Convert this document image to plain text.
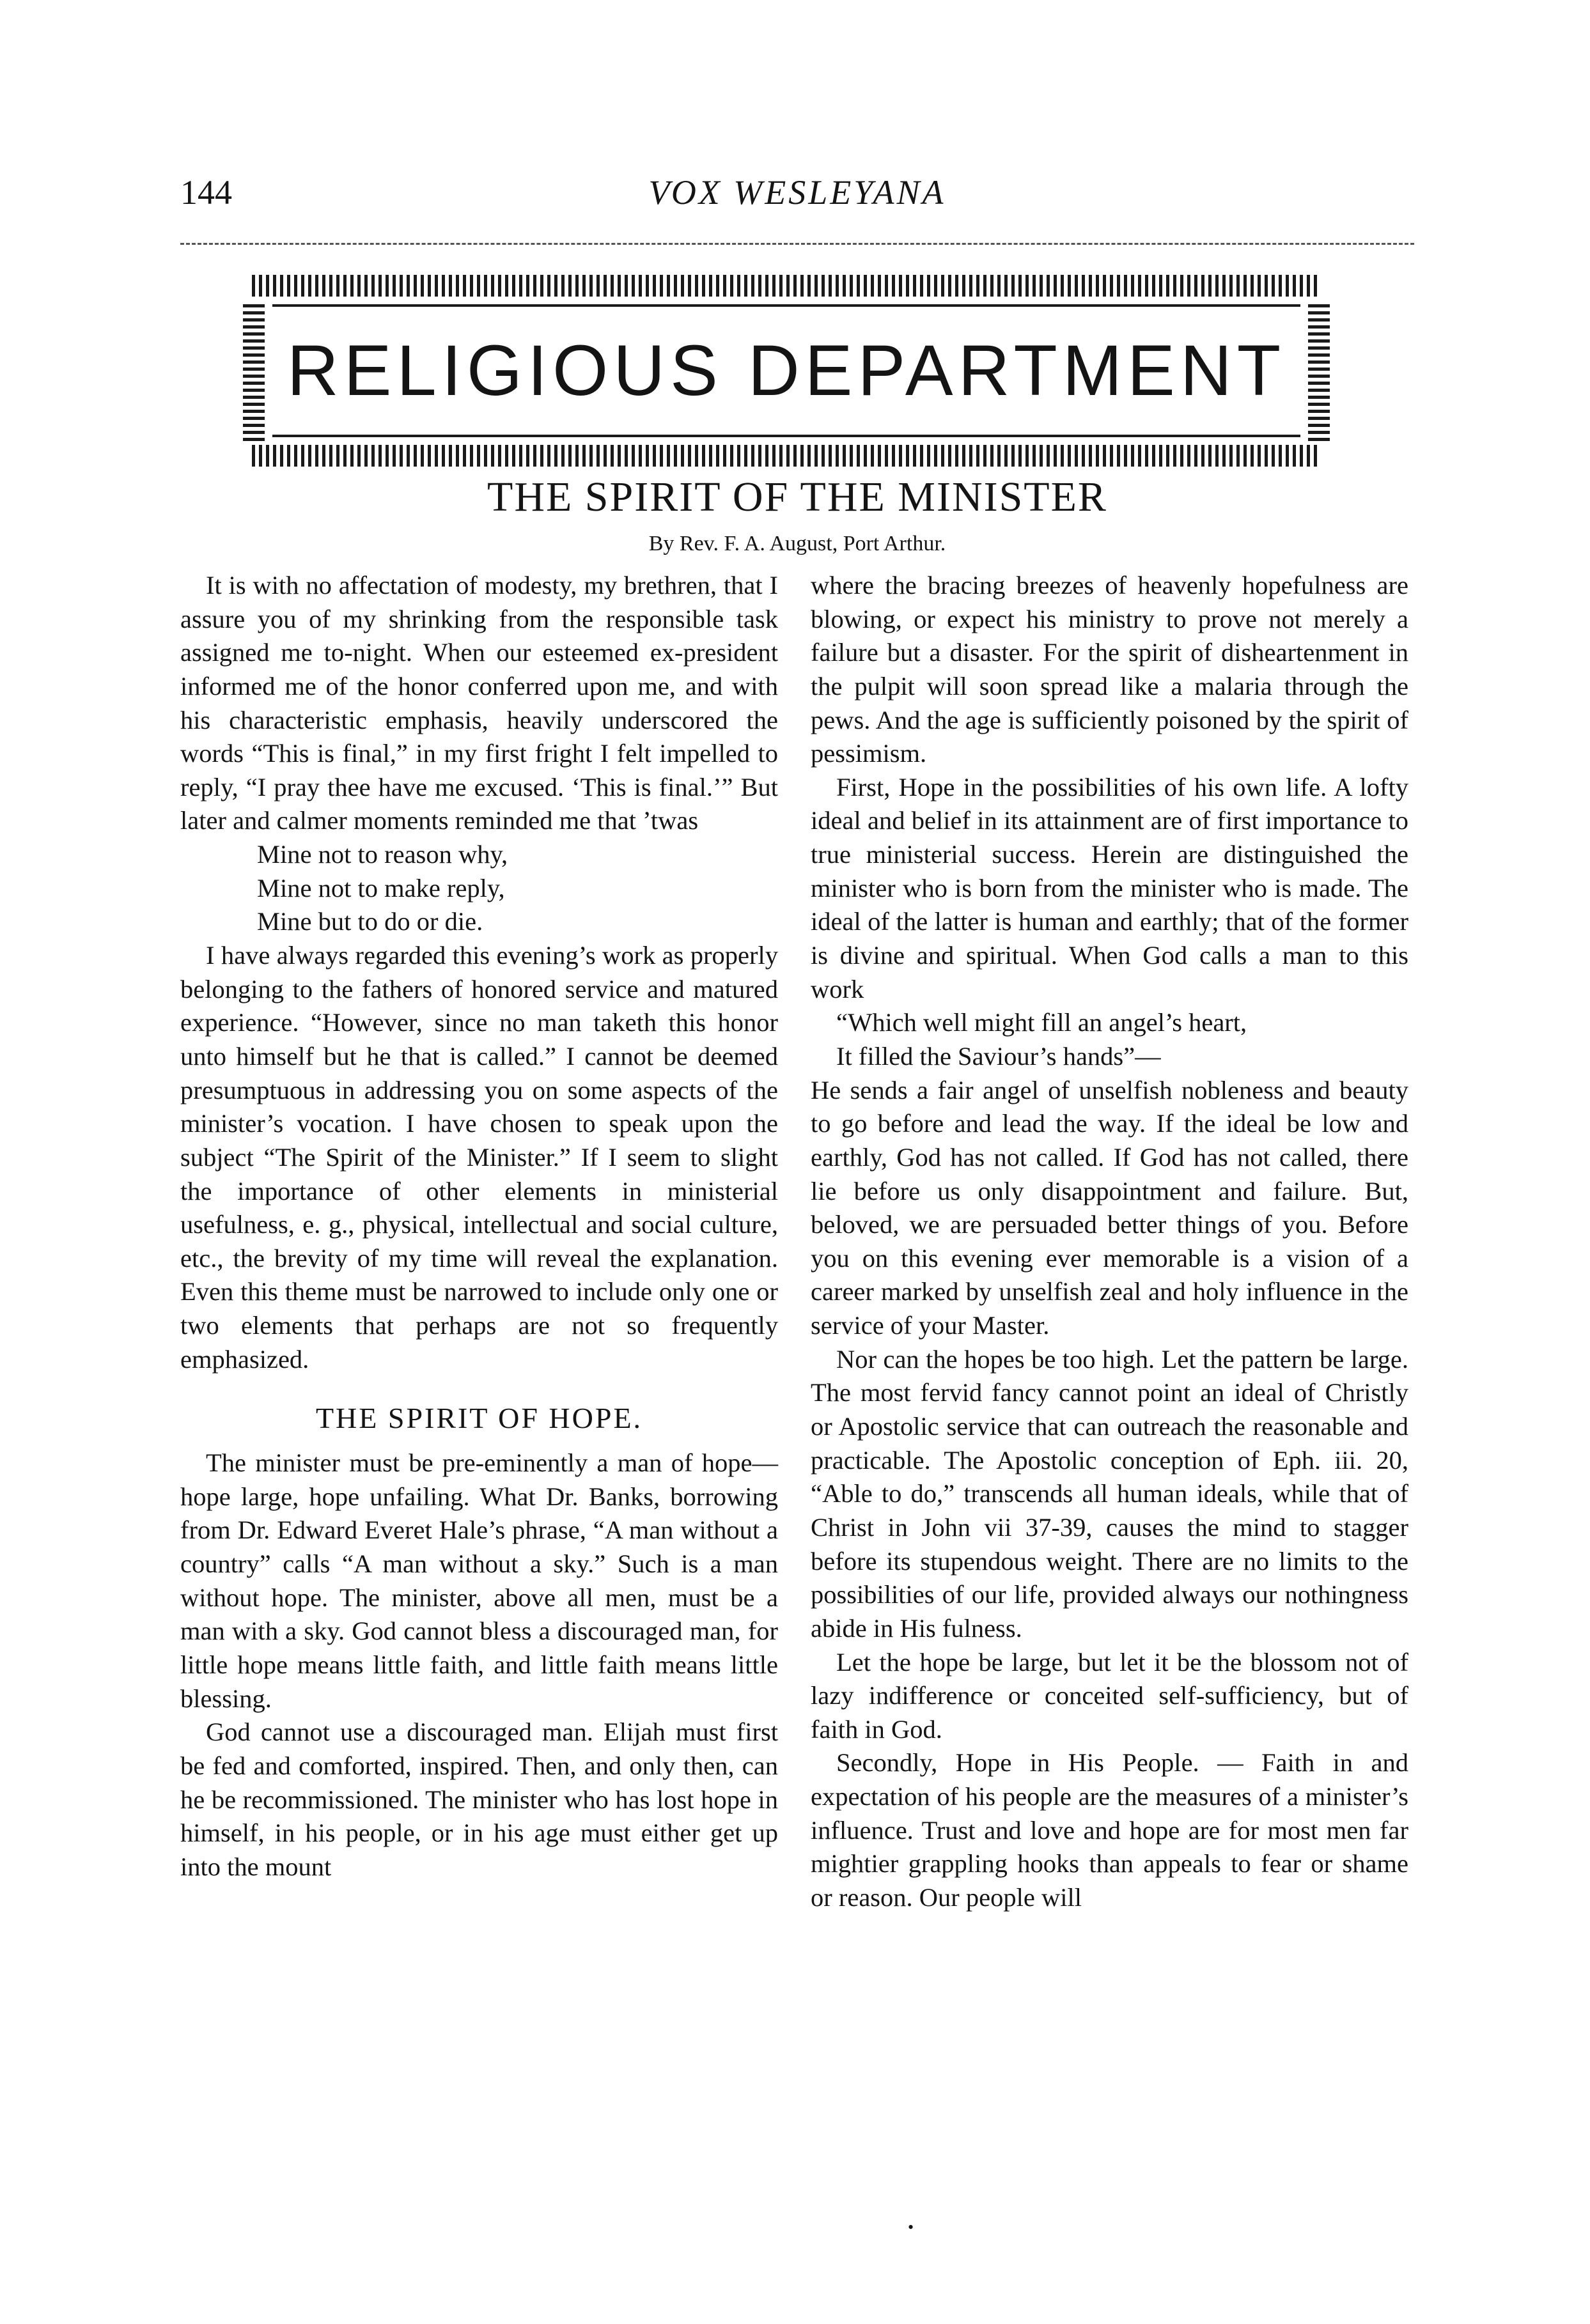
144	VOX WESLEYANA
RELIGIOUS DEPARTMENT
THE SPIRIT OF THE MINISTER
By Rev. F. A. August, Port Arthur.

It is with no affectation of modesty, my brethren, that I assure you of my shrinking from the responsible task assigned me to-night. When our esteemed ex-president informed me of the honor conferred upon me, and with his characteristic emphasis, heavily underscored the words “This is final,” in my first fright I felt impelled to reply, “I pray thee have me excused. ‘This is final.’” But later and calmer moments reminded me that ’twas

Mine not to reason why,

Mine not to make reply,

Mine but to do or die.

I have always regarded this evening’s work as properly belonging to the fathers of honored service and matured experience. “However, since no man taketh this honor unto himself but he that is called.” I cannot be deemed presumptuous in addressing you on some aspects of the minister’s vocation. I have chosen to speak upon the subject “The Spirit of the Minister.” If I seem to slight the importance of other elements in ministerial usefulness, e. g., physical, intellectual and social culture, etc., the brevity of my time will reveal the explanation. Even this theme must be narrowed to include only one or two elements that perhaps are not so frequently emphasized.

THE SPIRIT OF HOPE.

The minister must be pre-eminently a man of hope—hope large, hope unfailing. What Dr. Banks, borrowing from Dr. Edward Everet Hale’s phrase, “A man without a country” calls “A man without a sky.” Such is a man without hope. The minister, above all men, must be a man with a sky. God cannot bless a discouraged man, for little hope means little faith, and little faith means little blessing.

God cannot use a discouraged man. Elijah must first be fed and comforted, inspired. Then, and only then, can he be recommissioned. The minister who has lost hope in himself, in his people, or in his age must either get up into the mount

where the bracing breezes of heavenly hopefulness are blowing, or expect his ministry to prove not merely a failure but a disaster. For the spirit of disheartenment in the pulpit will soon spread like a malaria through the pews. And the age is sufficiently poisoned by the spirit of pessimism.

First, Hope in the possibilities of his own life. A lofty ideal and belief in its attainment are of first importance to true ministerial success. Herein are distinguished the minister who is born from the minister who is made. The ideal of the latter is human and earthly; that of the former is divine and spiritual. When God calls a man to this work

“Which well might fill an angel’s heart,

It filled the Saviour’s hands”—

He sends a fair angel of unselfish nobleness and beauty to go before and lead the way. If the ideal be low and earthly, God has not called. If God has not called, there lie before us only disappointment and failure. But, beloved, we are persuaded better things of you. Before you on this evening ever memorable is a vision of a career marked by unselfish zeal and holy influence in the service of your Master.

Nor can the hopes be too high. Let the pattern be large. The most fervid fancy cannot point an ideal of Christly or Apostolic service that can outreach the reasonable and practicable. The Apostolic conception of Eph. iii. 20, “Able to do,” transcends all human ideals, while that of Christ in John vii 37-39, causes the mind to stagger before its stupendous weight. There are no limits to the possibilities of our life, provided always our nothingness abide in His fulness.

Let the hope be large, but let it be the blossom not of lazy indifference or conceited self-sufficiency, but of faith in God.

Secondly, Hope in His People. — Faith in and expectation of his people are the measures of a minister’s influence. Trust and love and hope are for most men far mightier grappling hooks than appeals to fear or shame or reason. Our people will

•
